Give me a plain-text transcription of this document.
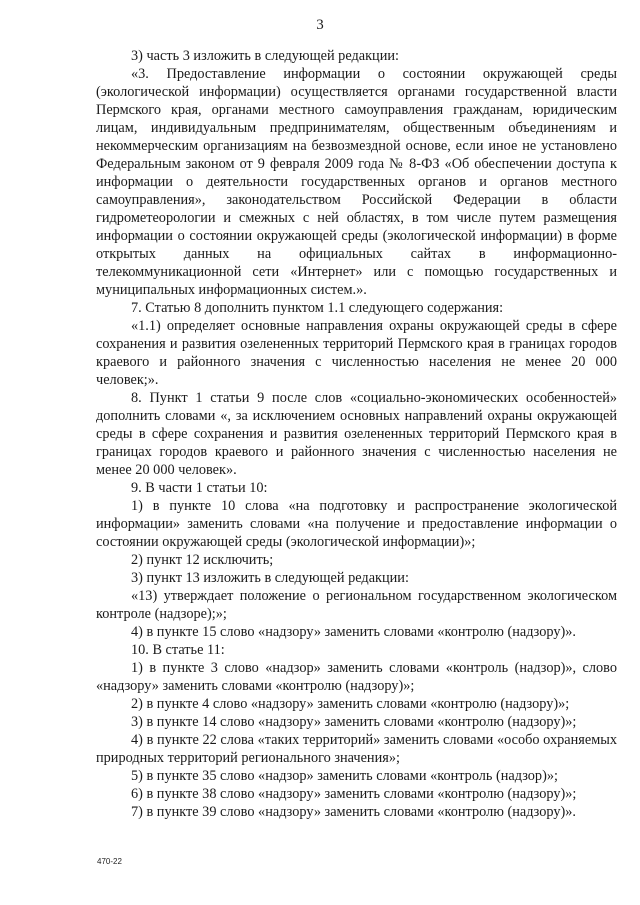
3

3) часть 3 изложить в следующей редакции:

«3. Предоставление информации о состоянии окружающей среды (экологической информации) осуществляется органами государственной власти Пермского края, органами местного самоуправления гражданам, юридическим лицам, индивидуальным предпринимателям, общественным объединениям и некоммерческим организациям на безвозмездной основе, если иное не установлено Федеральным законом от 9 февраля 2009 года № 8-ФЗ «Об обеспечении доступа к информации о деятельности государственных органов и органов местного самоуправления», законодательством Российской Федерации в области гидрометеорологии и смежных с ней областях, в том числе путем размещения информации о состоянии окружающей среды (экологической информации) в форме открытых данных на официальных сайтах в информационно-телекоммуникационной сети «Интернет» или с помощью государственных и муниципальных информационных систем.».

7. Статью 8 дополнить пунктом 1.1 следующего содержания:

«1.1) определяет основные направления охраны окружающей среды в сфере сохранения и развития озелененных территорий Пермского края в границах городов краевого и районного значения с численностью населения не менее 20 000 человек;».

8. Пункт 1 статьи 9 после слов «социально-экономических особенностей» дополнить словами «, за исключением основных направлений охраны окружающей среды в сфере сохранения и развития озелененных территорий Пермского края в границах городов краевого и районного значения с численностью населения не менее 20 000 человек».

9. В части 1 статьи 10:

1) в пункте 10 слова «на подготовку и распространение экологической информации» заменить словами «на получение и предоставление информации о состоянии окружающей среды (экологической информации)»;

2) пункт 12 исключить;

3) пункт 13 изложить в следующей редакции:

«13) утверждает положение о региональном государственном экологическом контроле (надзоре);»;

4) в пункте 15 слово «надзору» заменить словами «контролю (надзору)».

10. В статье 11:

1) в пункте 3 слово «надзор» заменить словами «контроль (надзор)», слово «надзору» заменить словами «контролю (надзору)»;

2) в пункте 4 слово «надзору» заменить словами «контролю (надзору)»;

3) в пункте 14 слово «надзору» заменить словами «контролю (надзору)»;

4) в пункте 22 слова «таких территорий» заменить словами «особо охраняемых природных территорий регионального значения»;

5) в пункте 35 слово «надзор» заменить словами «контроль (надзор)»;

6) в пункте 38 слово «надзору» заменить словами «контролю (надзору)»;

7) в пункте 39 слово «надзору» заменить словами «контролю (надзору)».

470-22
